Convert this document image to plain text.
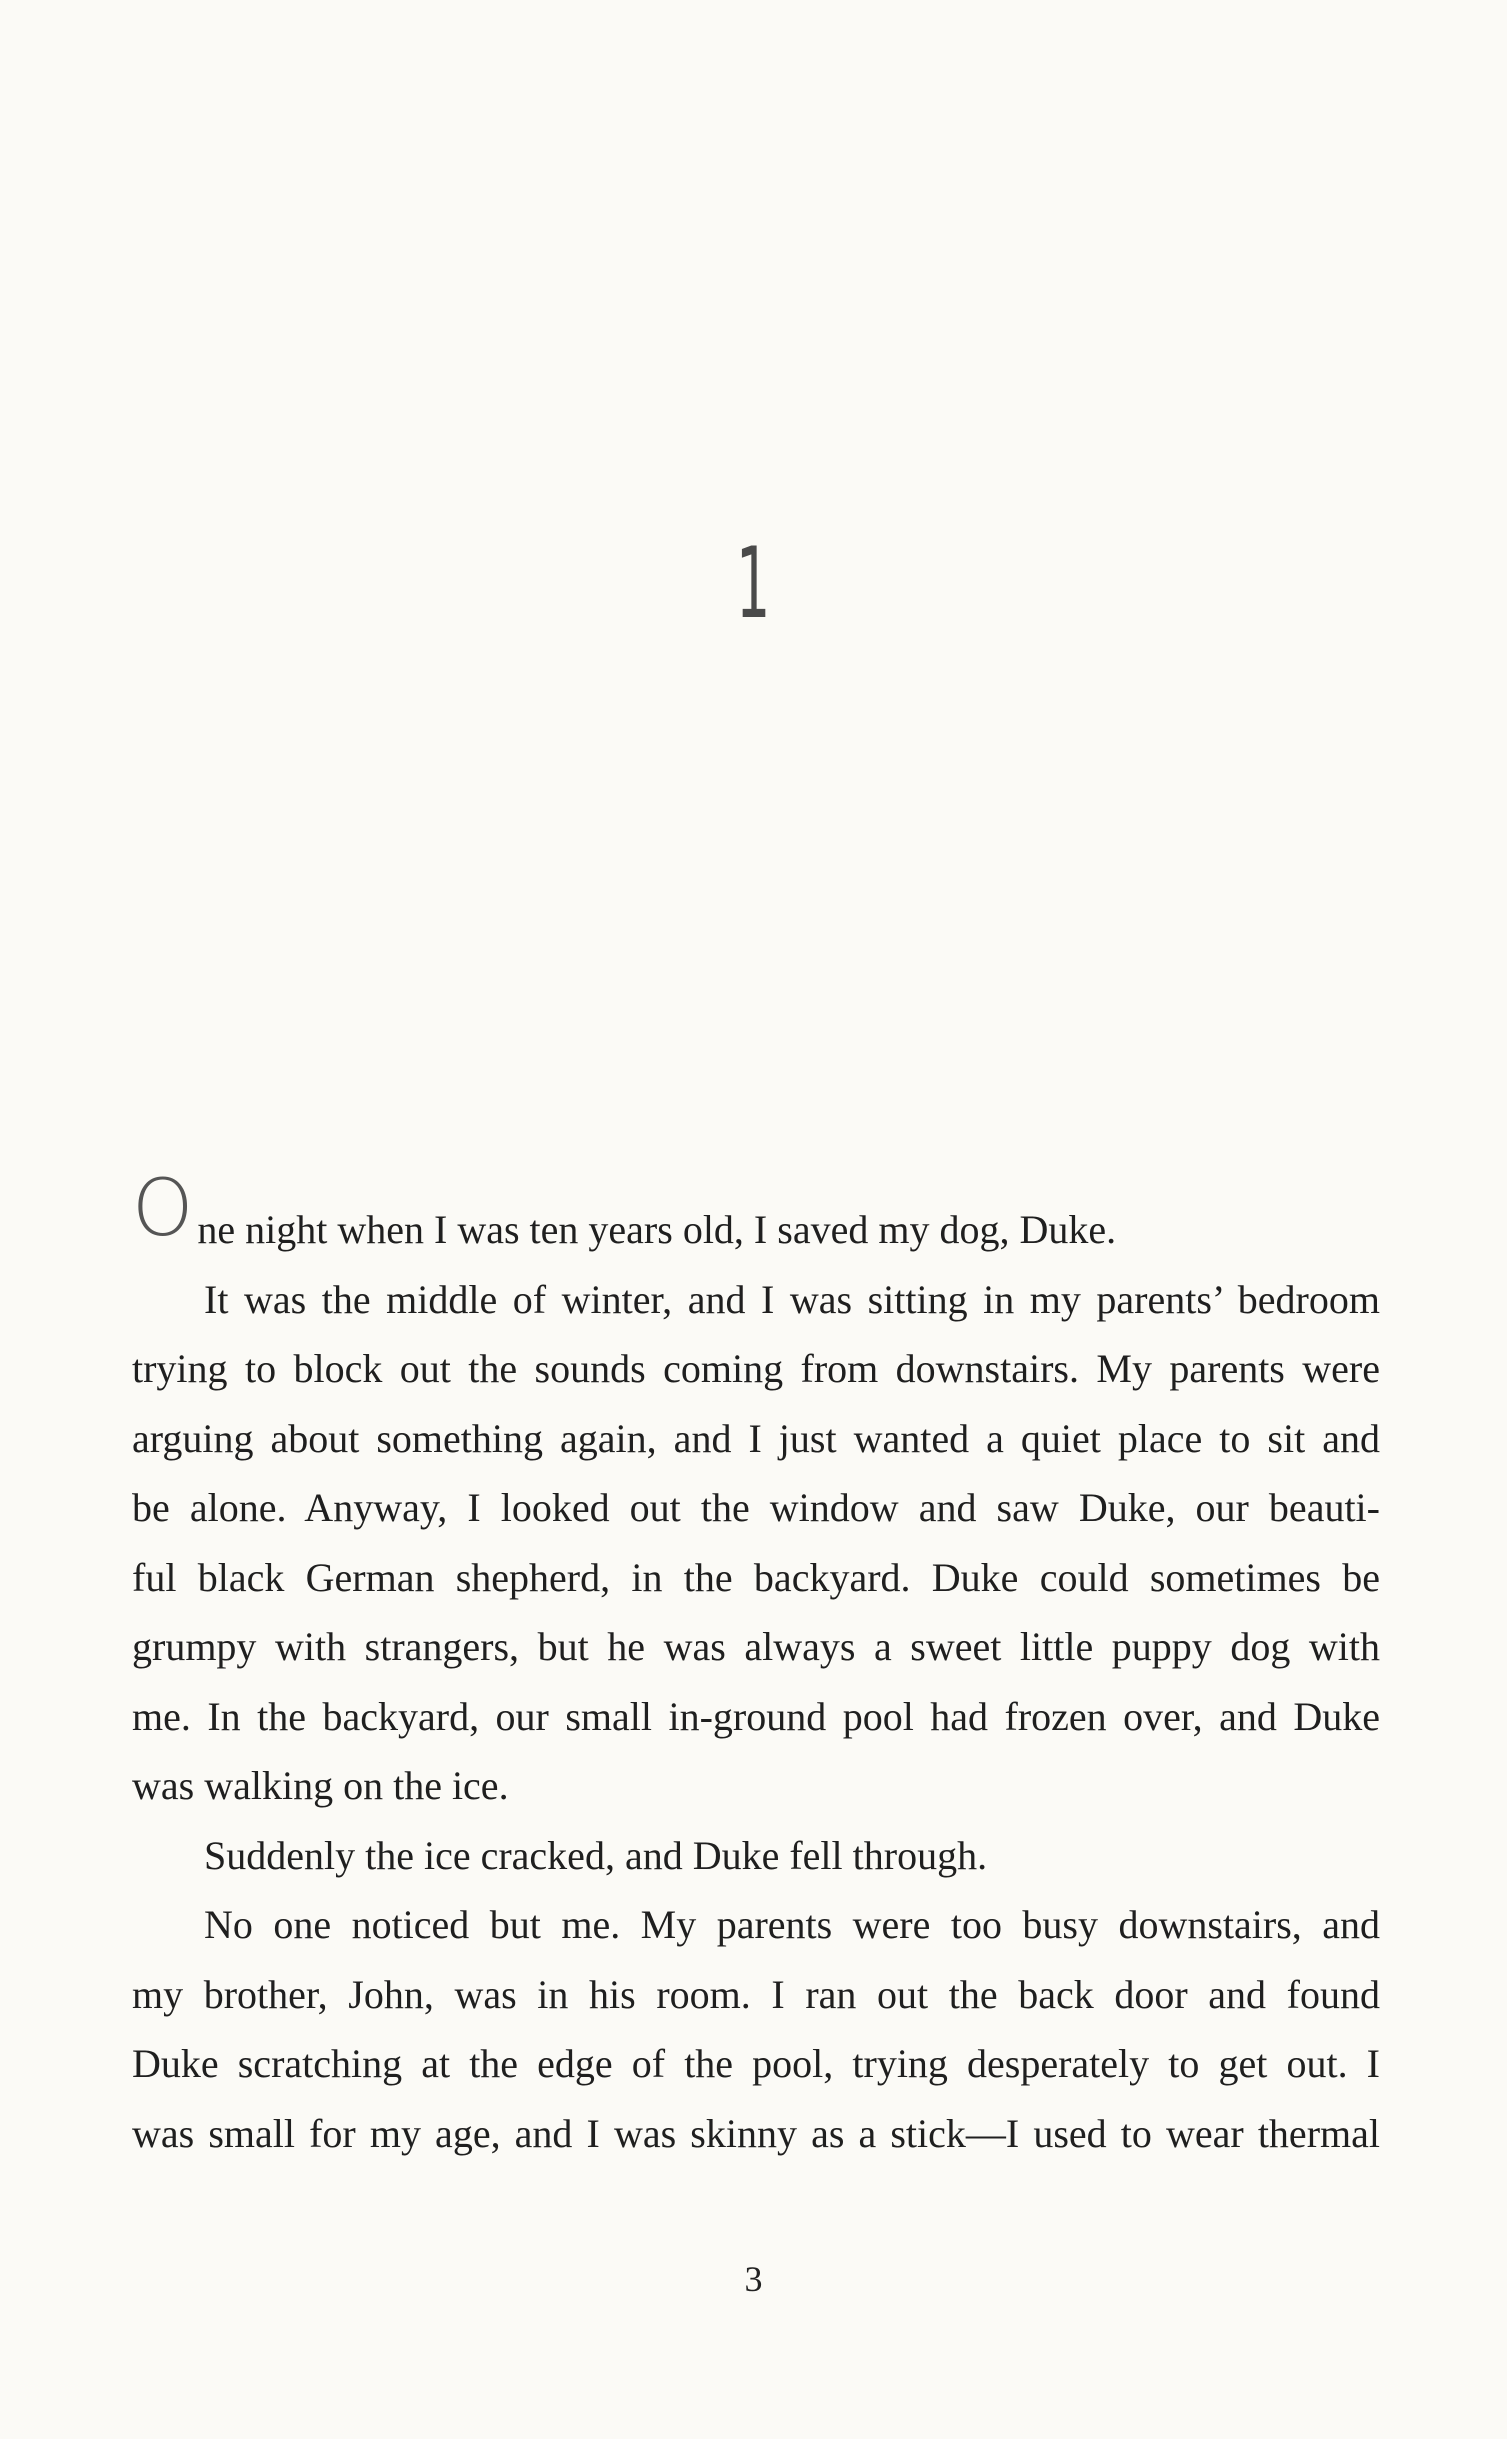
1
One night when I was ten years old, I saved my dog, Duke.
It was the middle of winter, and I was sitting in my parents’ bedroom
trying to block out the sounds coming from downstairs. My parents were
arguing about something again, and I just wanted a quiet place to sit and
be alone. Anyway, I looked out the window and saw Duke, our beauti-
ful black German shepherd, in the backyard. Duke could sometimes be
grumpy with strangers, but he was always a sweet little puppy dog with
me. In the backyard, our small in-ground pool had frozen over, and Duke
was walking on the ice.
Suddenly the ice cracked, and Duke fell through.
No one noticed but me. My parents were too busy downstairs, and
my brother, John, was in his room. I ran out the back door and found
Duke scratching at the edge of the pool, trying desperately to get out. I
was small for my age, and I was skinny as a stick—I used to wear thermal
3
